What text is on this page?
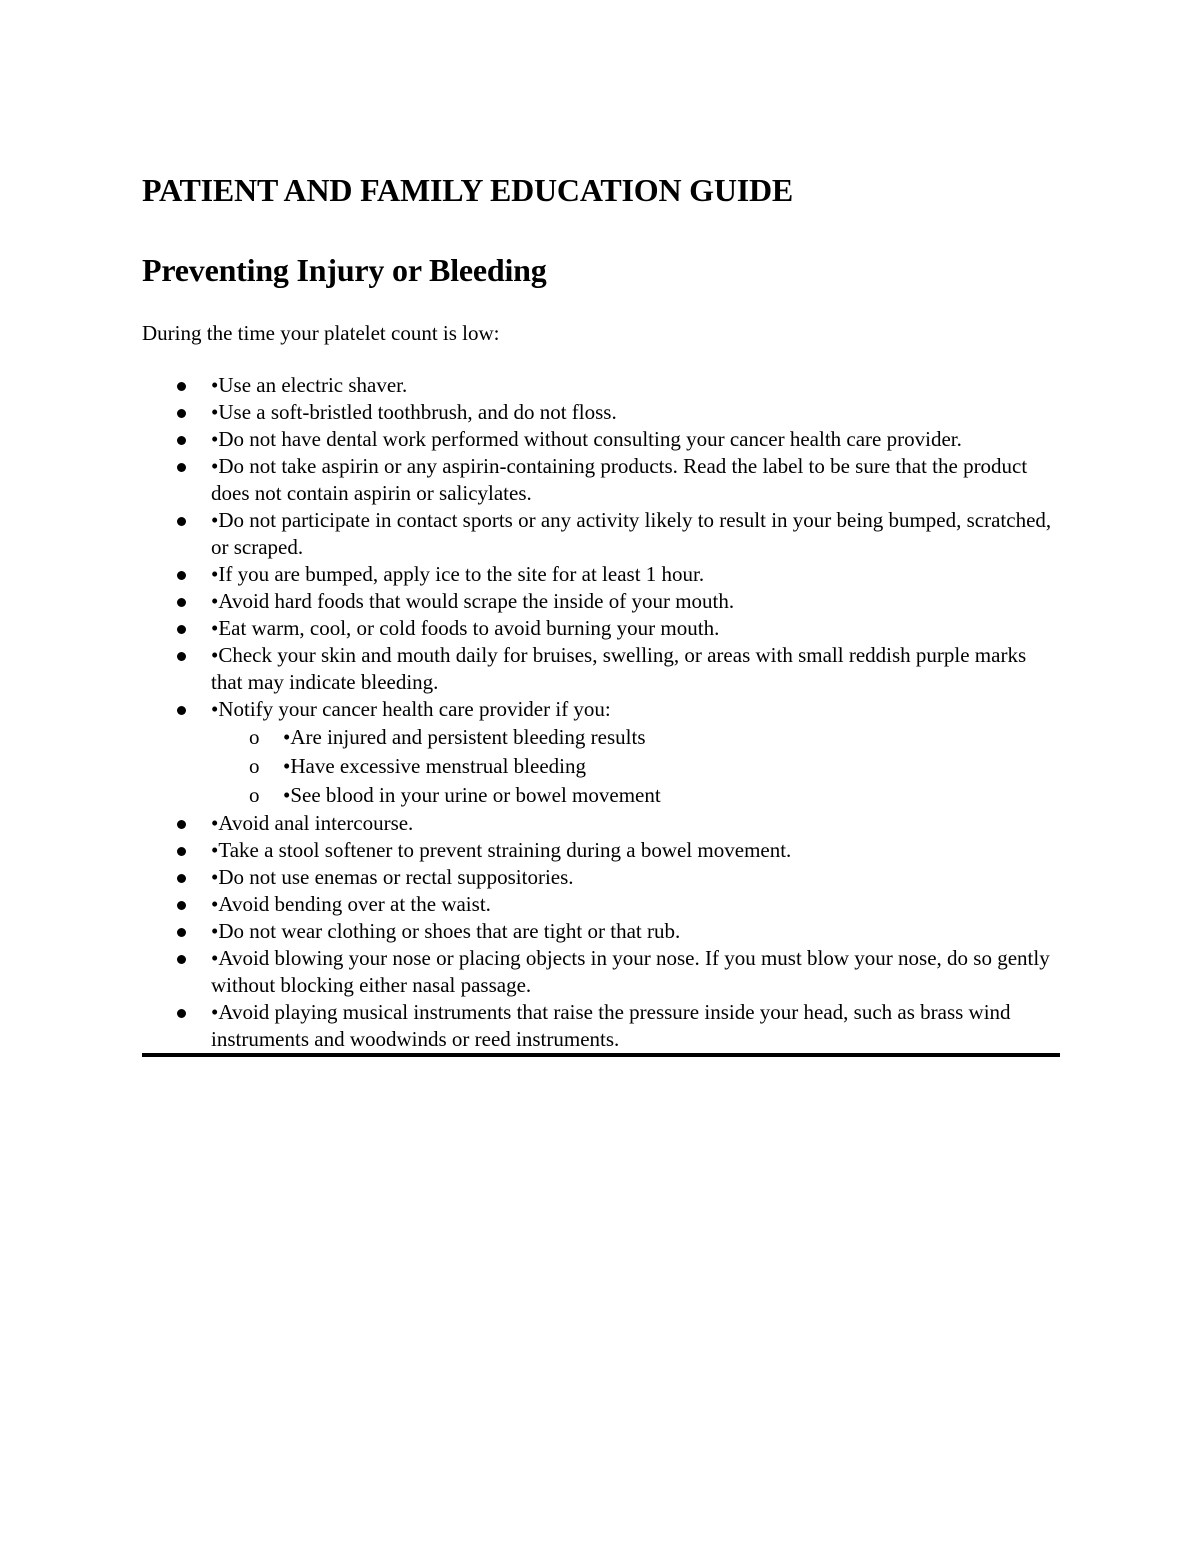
PATIENT AND FAMILY EDUCATION GUIDE
Preventing Injury or Bleeding

During the time your platelet count is low:

•Use an electric shaver.
•Use a soft-bristled toothbrush, and do not floss.
•Do not have dental work performed without consulting your cancer health care provider.
•Do not take aspirin or any aspirin-containing products. Read the label to be sure that the product does not contain aspirin or salicylates.
•Do not participate in contact sports or any activity likely to result in your being bumped, scratched, or scraped.
•If you are bumped, apply ice to the site for at least 1 hour.
•Avoid hard foods that would scrape the inside of your mouth.
•Eat warm, cool, or cold foods to avoid burning your mouth.
•Check your skin and mouth daily for bruises, swelling, or areas with small reddish purple marks that may indicate bleeding.
•Notify your cancer health care provider if you:
o •Are injured and persistent bleeding results
o •Have excessive menstrual bleeding
o •See blood in your urine or bowel movement
•Avoid anal intercourse.
•Take a stool softener to prevent straining during a bowel movement.
•Do not use enemas or rectal suppositories.
•Avoid bending over at the waist.
•Do not wear clothing or shoes that are tight or that rub.
•Avoid blowing your nose or placing objects in your nose. If you must blow your nose, do so gently without blocking either nasal passage.
•Avoid playing musical instruments that raise the pressure inside your head, such as brass wind instruments and woodwinds or reed instruments.
